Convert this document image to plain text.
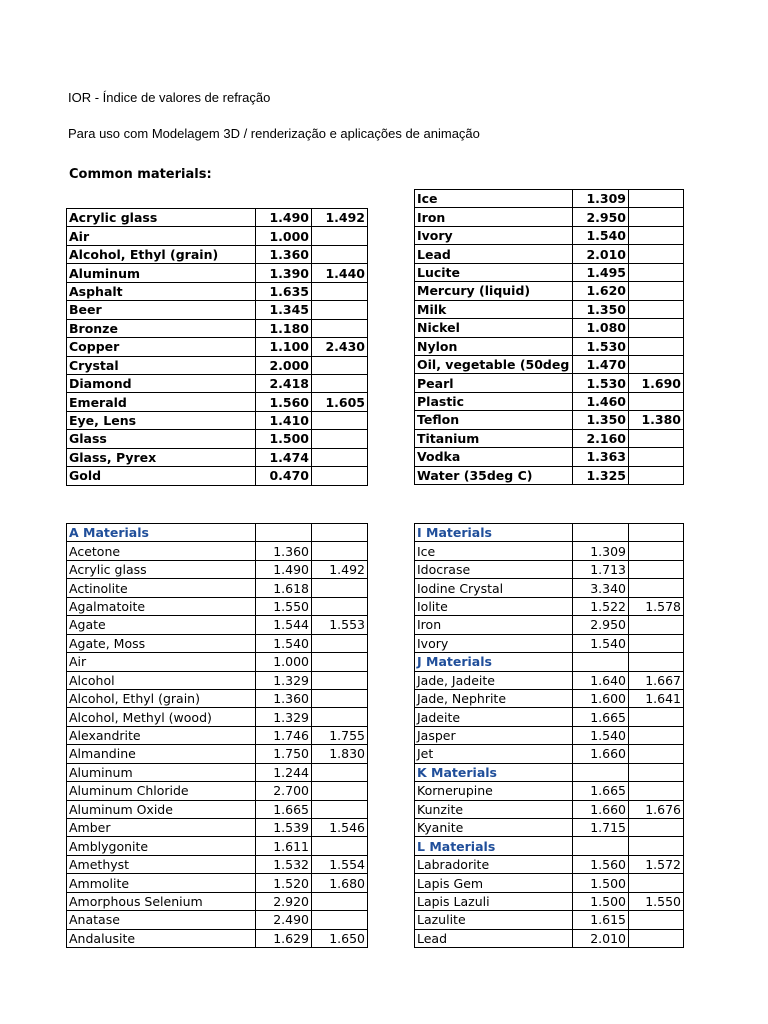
IOR - Índice de valores de refração
Para uso com Modelagem 3D / renderização e aplicações de animação
Common materials:
Acrylic glass	1.490	1.492
Air	1.000	
Alcohol, Ethyl (grain)	1.360	
Aluminum	1.390	1.440
Asphalt	1.635	
Beer	1.345	
Bronze	1.180	
Copper	1.100	2.430
Crystal	2.000	
Diamond	2.418	
Emerald	1.560	1.605
Eye, Lens	1.410	
Glass	1.500	
Glass, Pyrex	1.474	
Gold	0.470	
Ice	1.309	
Iron	2.950	
Ivory	1.540	
Lead	2.010	
Lucite	1.495	
Mercury (liquid)	1.620	
Milk	1.350	
Nickel	1.080	
Nylon	1.530	
Oil, vegetable (50deg	1.470	
Pearl	1.530	1.690
Plastic	1.460	
Teflon	1.350	1.380
Titanium	2.160	
Vodka	1.363	
Water (35deg C)	1.325	
A Materials		
Acetone	1.360	
Acrylic glass	1.490	1.492
Actinolite	1.618	
Agalmatoite	1.550	
Agate	1.544	1.553
Agate, Moss	1.540	
Air	1.000	
Alcohol	1.329	
Alcohol, Ethyl (grain)	1.360	
Alcohol, Methyl (wood)	1.329	
Alexandrite	1.746	1.755
Almandine	1.750	1.830
Aluminum	1.244	
Aluminum Chloride	2.700	
Aluminum Oxide	1.665	
Amber	1.539	1.546
Amblygonite	1.611	
Amethyst	1.532	1.554
Ammolite	1.520	1.680
Amorphous Selenium	2.920	
Anatase	2.490	
Andalusite	1.629	1.650
I Materials		
Ice	1.309	
Idocrase	1.713	
Iodine Crystal	3.340	
Iolite	1.522	1.578
Iron	2.950	
Ivory	1.540	
J Materials		
Jade, Jadeite	1.640	1.667
Jade, Nephrite	1.600	1.641
Jadeite	1.665	
Jasper	1.540	
Jet	1.660	
K Materials		
Kornerupine	1.665	
Kunzite	1.660	1.676
Kyanite	1.715	
L Materials		
Labradorite	1.560	1.572
Lapis Gem	1.500	
Lapis Lazuli	1.500	1.550
Lazulite	1.615	
Lead	2.010	
